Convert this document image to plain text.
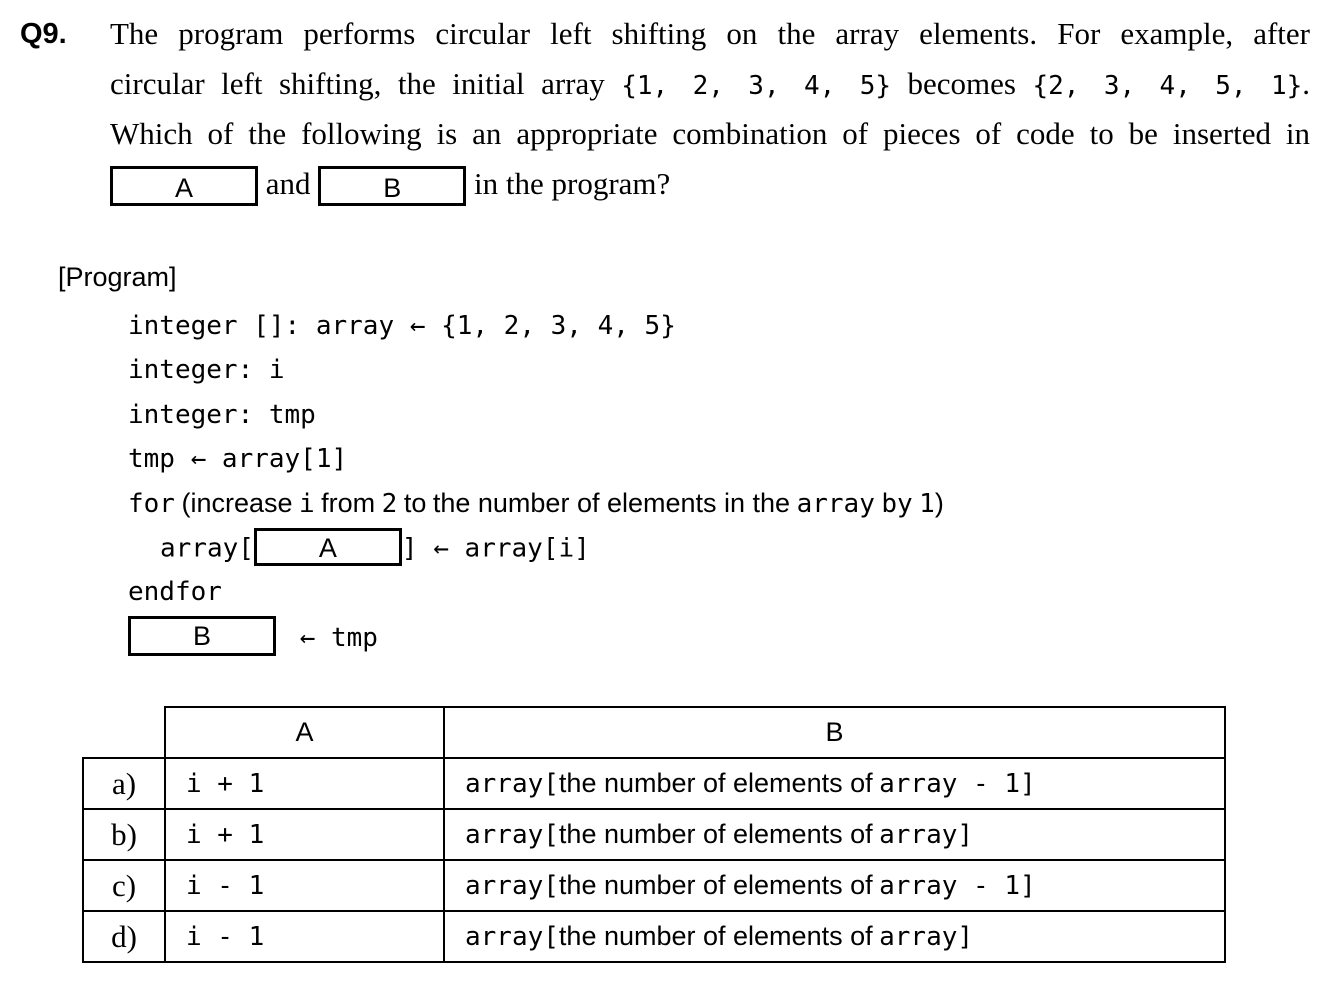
Q9. The program performs circular left shifting on the array elements. For example, after
circular left shifting, the initial array {1, 2, 3, 4, 5} becomes {2, 3, 4, 5, 1}.
Which of the following is an appropriate combination of pieces of code to be inserted in
A and	B in the program?
[Program]
integer []: array ← {1, 2, 3, 4, 5}
integer: i
integer: tmp
tmp ← array[1]
for (increase i from 2 to the number of elements in the array by 1)
array[ A	] ← array[i]
endfor
B	← tmp
	A	B
a)	i + 1	array[the number of elements of array - 1]
b)	i + 1	array[the number of elements of array]
c)	i - 1	array[the number of elements of array - 1]
d)	i - 1	array[the number of elements of array]
